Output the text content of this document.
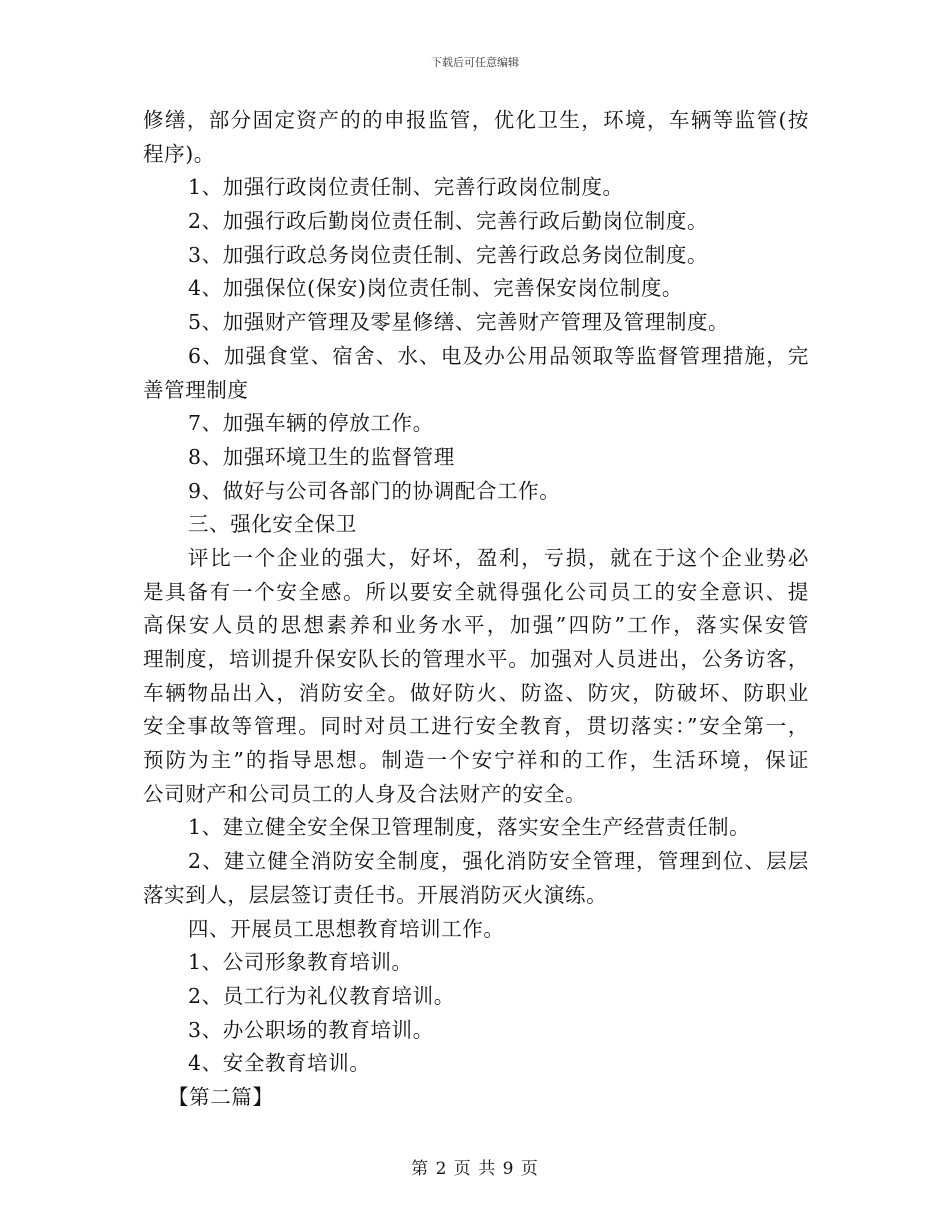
下载后可任意编辑
修缮，部分固定资产的的申报监管，优化卫生，环境，车辆等监管(按
程序)。
1、加强行政岗位责任制、完善行政岗位制度。
2、加强行政后勤岗位责任制、完善行政后勤岗位制度。
3、加强行政总务岗位责任制、完善行政总务岗位制度。
4、加强保位(保安)岗位责任制、完善保安岗位制度。
5、加强财产管理及零星修缮、完善财产管理及管理制度。
6、加强食堂、宿舍、水、电及办公用品领取等监督管理措施，完
善管理制度
7、加强车辆的停放工作。
8、加强环境卫生的监督管理
9、做好与公司各部门的协调配合工作。
三、强化安全保卫
评比一个企业的强大，好坏，盈利，亏损，就在于这个企业势必
是具备有一个安全感。所以要安全就得强化公司员工的安全意识、提
高保安人员的思想素养和业务水平，加强”四防”工作，落实保安管
理制度，培训提升保安队长的管理水平。加强对人员进出，公务访客，
车辆物品出入，消防安全。做好防火、防盗、防灾，防破坏、防职业
安全事故等管理。同时对员工进行安全教育，贯切落实：”安全第一，
预防为主”的指导思想。制造一个安宁祥和的工作，生活环境，保证
公司财产和公司员工的人身及合法财产的安全。
1、建立健全安全保卫管理制度，落实安全生产经营责任制。
2、建立健全消防安全制度，强化消防安全管理，管理到位、层层
落实到人，层层签订责任书。开展消防灭火演练。
四、开展员工思想教育培训工作。
1、公司形象教育培训。
2、员工行为礼仪教育培训。
3、办公职场的教育培训。
4、安全教育培训。
【第二篇】
第 2 页 共 9 页
